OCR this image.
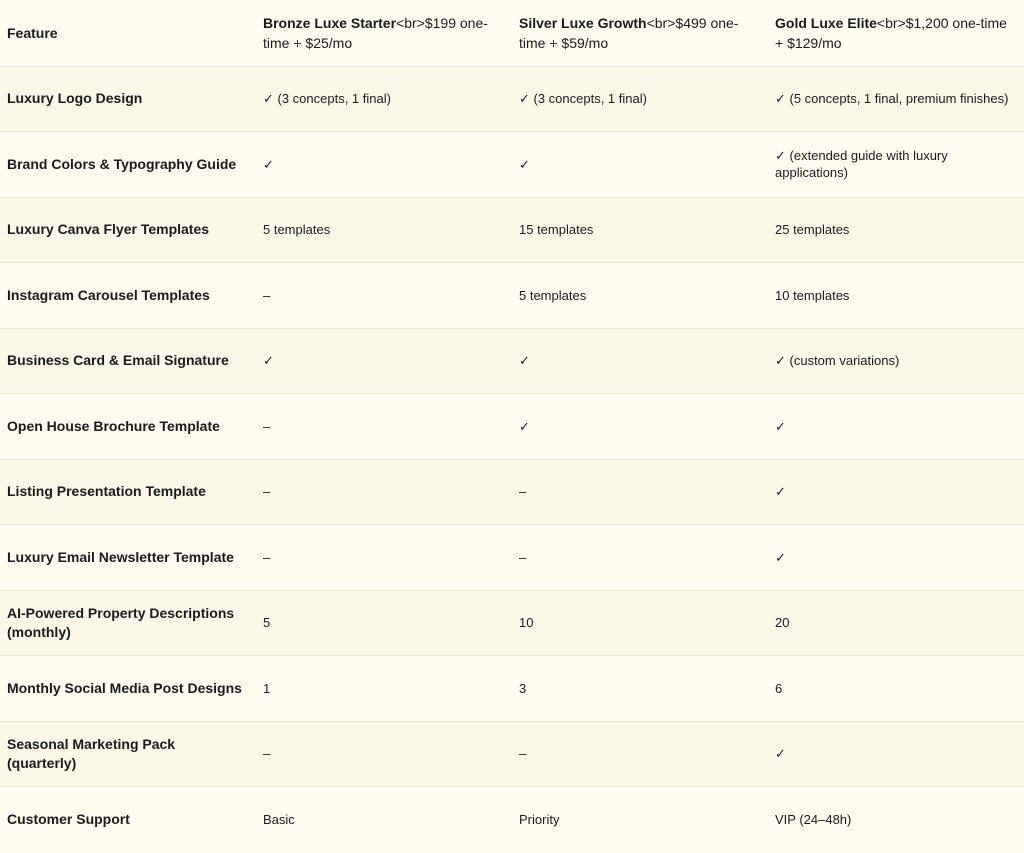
Feature	Bronze Luxe Starter<br>$199 one-time + $25/mo	Silver Luxe Growth<br>$499 one-time + $59/mo	Gold Luxe Elite<br>$1,200 one-time + $129/mo
Luxury Logo Design	✓ (3 concepts, 1 final)	✓ (3 concepts, 1 final)	✓ (5 concepts, 1 final, premium finishes)
Brand Colors & Typography Guide	✓	✓	✓ (extended guide with luxury applications)
Luxury Canva Flyer Templates	5 templates	15 templates	25 templates
Instagram Carousel Templates	–	5 templates	10 templates
Business Card & Email Signature	✓	✓	✓ (custom variations)
Open House Brochure Template	–	✓	✓
Listing Presentation Template	–	–	✓
Luxury Email Newsletter Template	–	–	✓
AI-Powered Property Descriptions (monthly)	5	10	20
Monthly Social Media Post Designs	1	3	6
Seasonal Marketing Pack (quarterly)	–	–	✓
Customer Support	Basic	Priority	VIP (24–48h)
